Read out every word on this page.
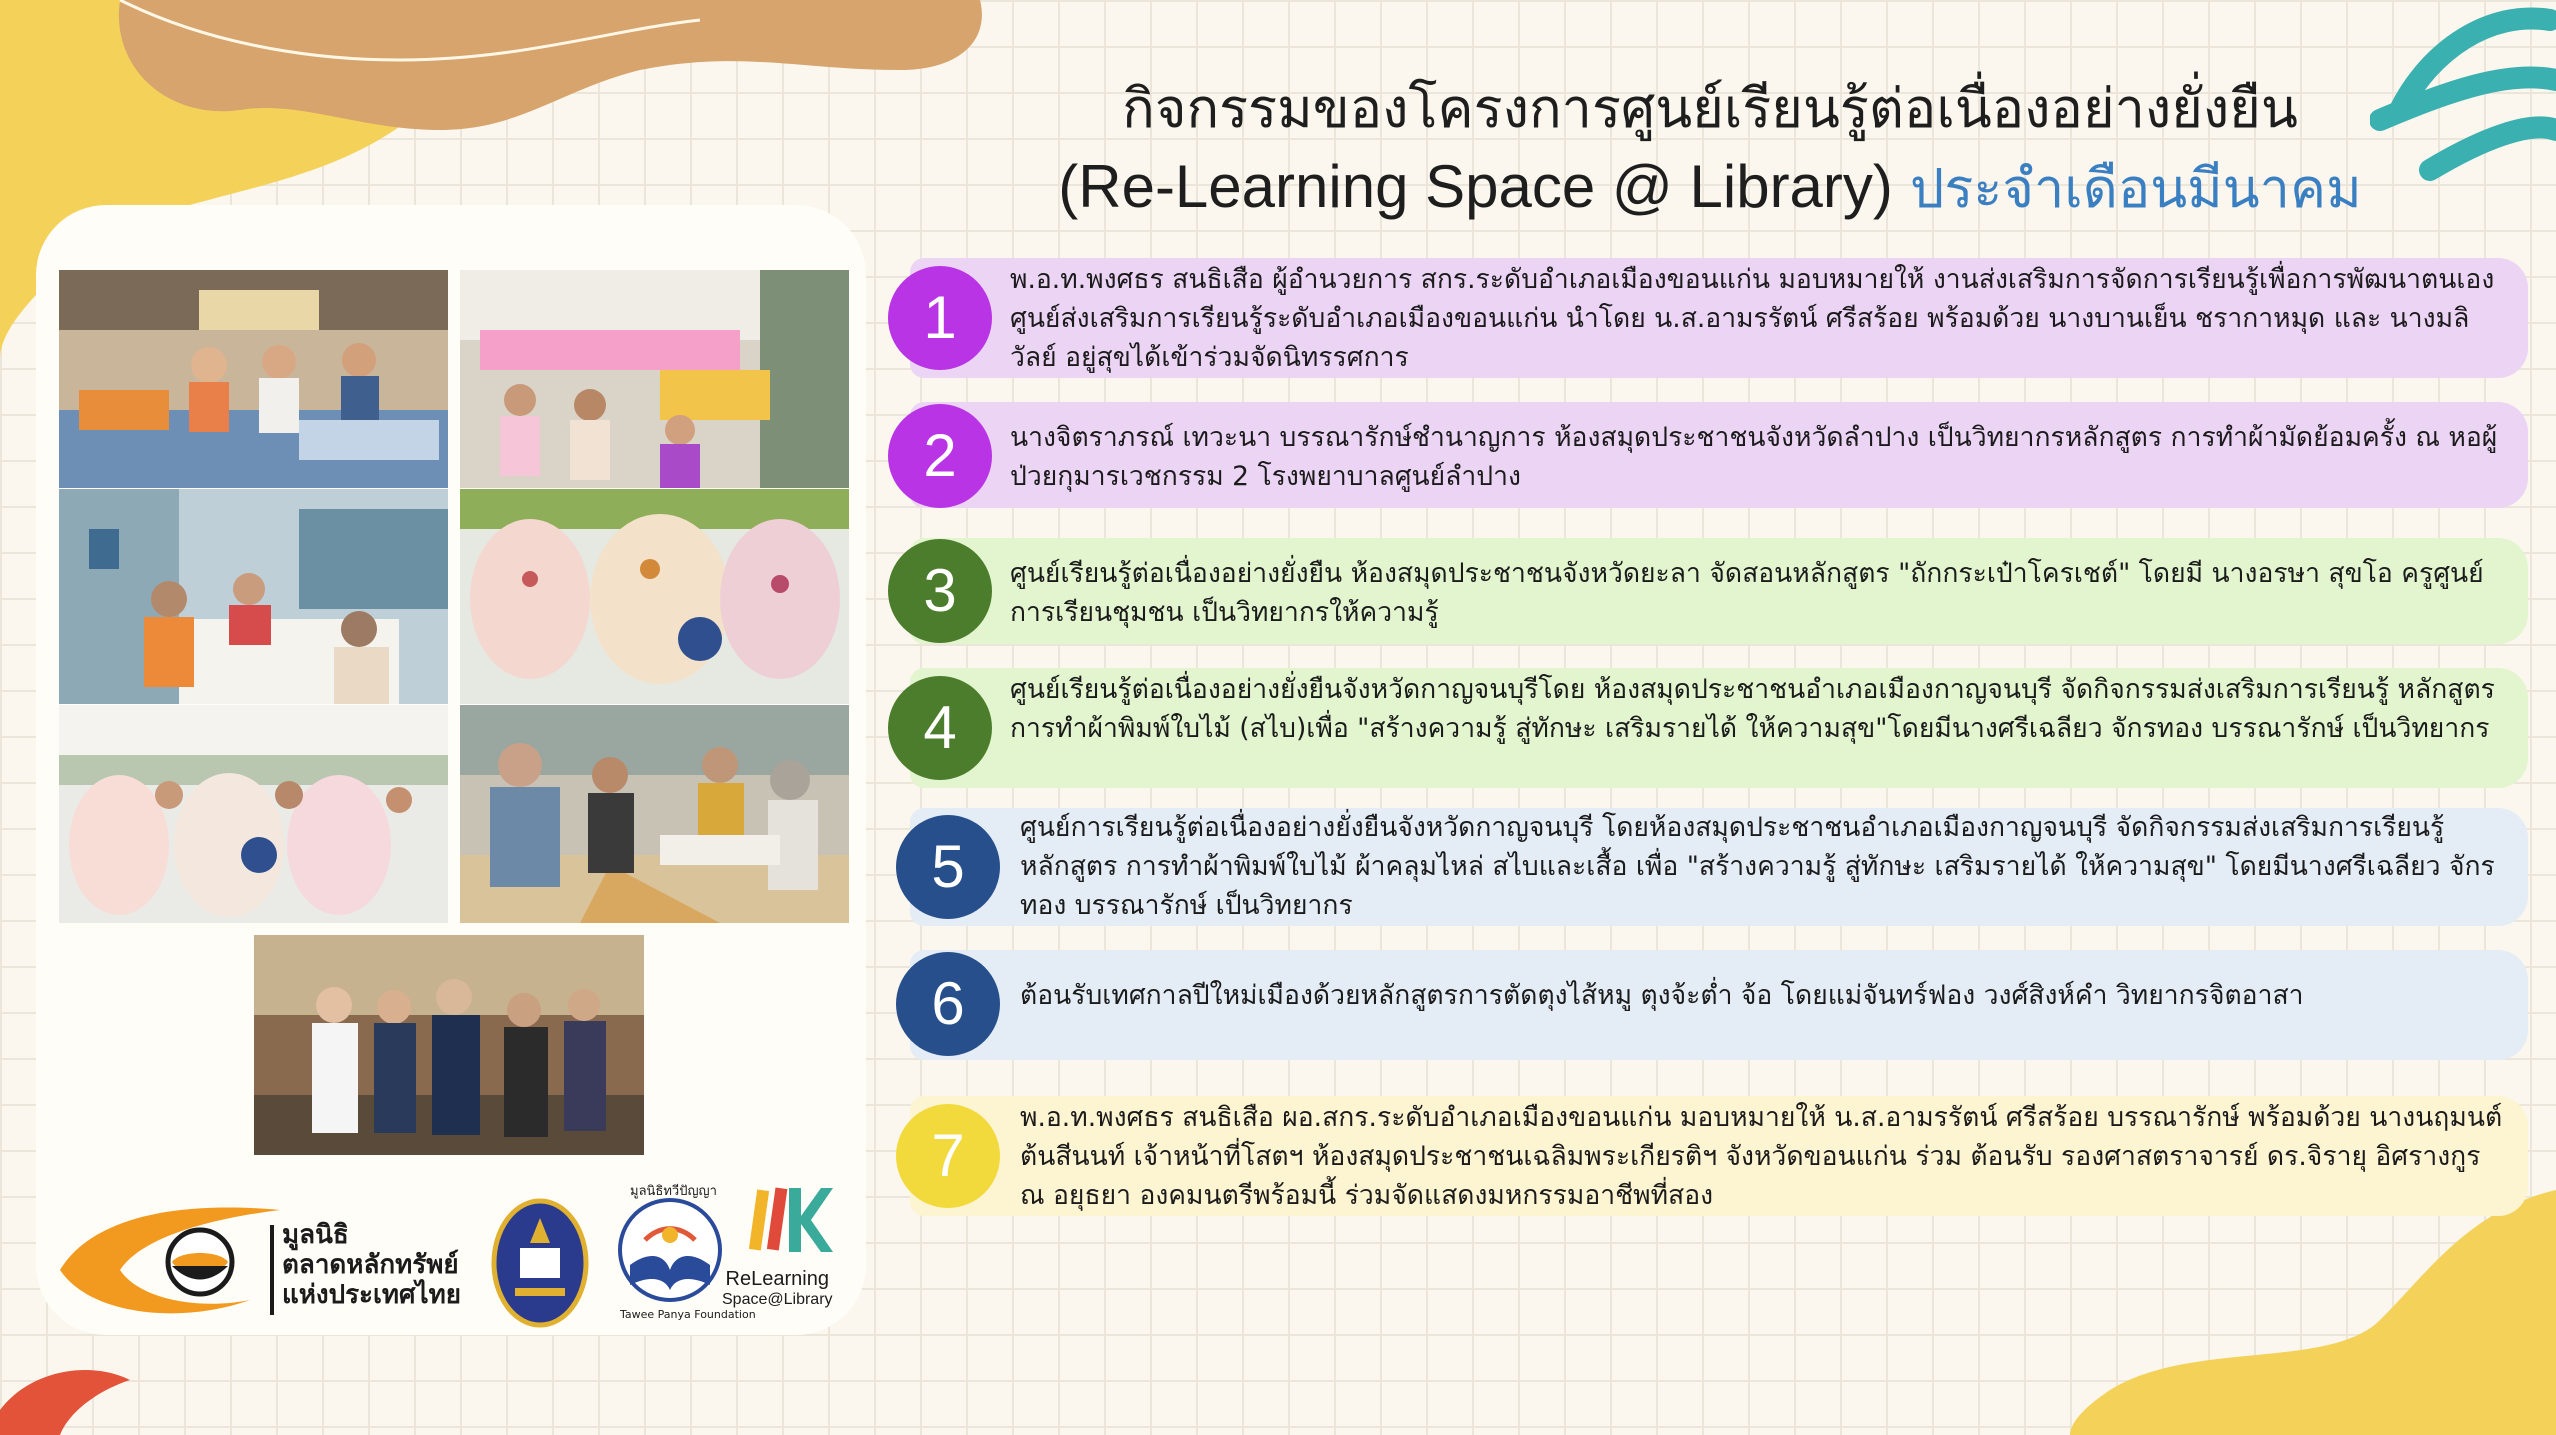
กิจกรรมของโครงการศูนย์เรียนรู้ต่อเนื่องอย่างยั่งยืน
(Re-Learning Space @ Library) ประจำเดือนมีนาคม
มูลนิธิ
ตลาดหลักทรัพย์
แห่งประเทศไทย
มูลนิธิทวีปัญญา
Tawee Panya Foundation
ReLearning
Space@Library
1
พ.อ.ท.พงศธร สนธิเสือ ผู้อำนวยการ สกร.ระดับอำเภอเมืองขอนแก่น มอบหมายให้ งานส่งเสริมการจัดการเรียนรู้เพื่อการพัฒนาตนเอง ศูนย์ส่งเสริมการเรียนรู้ระดับอำเภอเมืองขอนแก่น นำโดย น.ส.อามรรัตน์ ศรีสร้อย พร้อมด้วย นางบานเย็น ชรากาหมุด และ นางมลิวัลย์ อยู่สุขได้เข้าร่วมจัดนิทรรศการ
2	นางจิตราภรณ์ เทวะนา บรรณารักษ์ชำนาญการ ห้องสมุดประชาชนจังหวัดลำปาง เป็นวิทยากรหลักสูตร การทำผ้ามัดย้อมครั้ง ณ หอผู้ป่วยกุมารเวชกรรม 2 โรงพยาบาลศูนย์ลำปาง
3	ศูนย์เรียนรู้ต่อเนื่องอย่างยั่งยืน ห้องสมุดประชาชนจังหวัดยะลา จัดสอนหลักสูตร "ถักกระเป๋าโครเชต์" โดยมี นางอรษา สุขโอ ครูศูนย์การเรียนชุมชน เป็นวิทยากรให้ความรู้
4
ศูนย์เรียนรู้ต่อเนื่องอย่างยั่งยืนจังหวัดกาญจนบุรีโดย ห้องสมุดประชาชนอำเภอเมืองกาญจนบุรี จัดกิจกรรมส่งเสริมการเรียนรู้ หลักสูตร การทำผ้าพิมพ์ใบไม้ (สไบ)เพื่อ "สร้างความรู้ สู่ทักษะ เสริมรายได้ ให้ความสุข"โดยมีนางศรีเฉลียว จักรทอง บรรณารักษ์ เป็นวิทยากร
5
ศูนย์การเรียนรู้ต่อเนื่องอย่างยั่งยืนจังหวัดกาญจนบุรี โดยห้องสมุดประชาชนอำเภอเมืองกาญจนบุรี จัดกิจกรรมส่งเสริมการเรียนรู้หลักสูตร การทำผ้าพิมพ์ใบไม้ ผ้าคลุมไหล่ สไบและเสื้อ เพื่อ "สร้างความรู้ สู่ทักษะ เสริมรายได้ ให้ความสุข" โดยมีนางศรีเฉลียว จักรทอง บรรณารักษ์ เป็นวิทยากร
6	ต้อนรับเทศกาลปีใหม่เมืองด้วยหลักสูตรการตัดตุงไส้หมู ตุงจ้ะต่ำ จ้อ โดยแม่จันทร์ฟอง วงศ์สิงห์คำ วิทยากรจิตอาสา
7
พ.อ.ท.พงศธร สนธิเสือ ผอ.สกร.ระดับอำเภอเมืองขอนแก่น มอบหมายให้ น.ส.อามรรัตน์ ศรีสร้อย บรรณารักษ์ พร้อมด้วย นางนฤมนต์ ต้นสีนนท์ เจ้าหน้าที่โสตฯ ห้องสมุดประชาชนเฉลิมพระเกียรติฯ จังหวัดขอนแก่น ร่วม ต้อนรับ รองศาสตราจารย์ ดร.จิรายุ อิศรางกูร ณ อยุธยา องคมนตรีพร้อมนี้ ร่วมจัดแสดงมหกรรมอาชีพที่สอง
